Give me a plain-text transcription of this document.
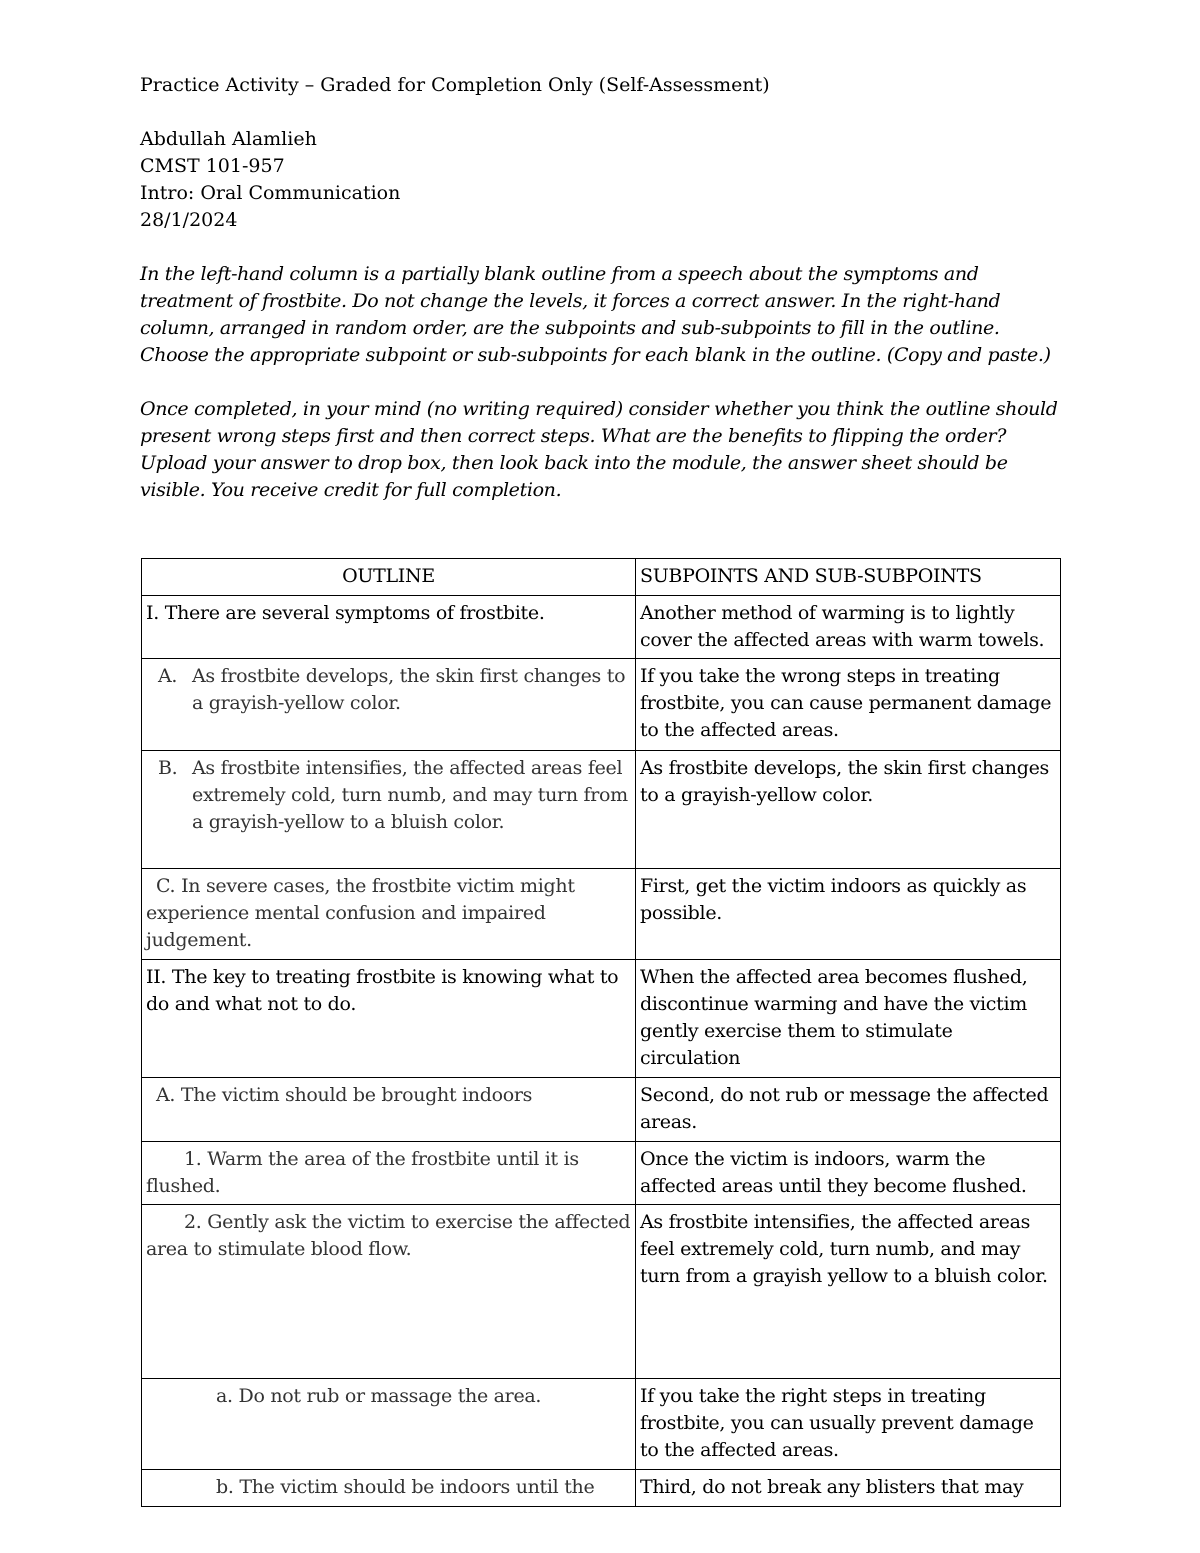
Practice Activity – Graded for Completion Only (Self-Assessment)

Abdullah Alamlieh

CMST 101-957

Intro: Oral Communication

28/1/2024

In the left-hand column is a partially blank outline from a speech about the symptoms and treatment of frostbite. Do not change the levels, it forces a correct answer. In the right-hand column, arranged in random order, are the subpoints and sub-subpoints to fill in the outline. Choose the appropriate subpoint or sub-subpoints for each blank in the outline. (Copy and paste.)

Once completed, in your mind (no writing required) consider whether you think the outline should present wrong steps first and then correct steps. What are the benefits to flipping the order? Upload your answer to drop box, then look back into the module, the answer sheet should be visible. You receive credit for full completion.

OUTLINE	SUBPOINTS AND SUB-SUBPOINTS
I. There are several symptoms of frostbite.	Another method of warming is to lightly cover the affected areas with warm towels.

A. As frostbite develops, the skin first changes to a grayish-yellow color.	If you take the wrong steps in treating frostbite, you can cause permanent damage to the affected areas.

B. As frostbite intensifies, the affected areas feel extremely cold, turn numb, and may turn from a grayish-yellow to a bluish color.	As frostbite develops, the skin first changes to a grayish-yellow color.
C. In severe cases, the frostbite victim might experience mental confusion and impaired judgement.	First, get the victim indoors as quickly as possible.
II. The key to treating frostbite is knowing what to do and what not to do.	When the affected area becomes flushed, discontinue warming and have the victim gently exercise them to stimulate circulation
A. The victim should be brought indoors	Second, do not rub or message the affected areas.
1. Warm the area of the frostbite until it is flushed.	Once the victim is indoors, warm the affected areas until they become flushed.
2. Gently ask the victim to exercise the affected area to stimulate blood flow.	As frostbite intensifies, the affected areas feel extremely cold, turn numb, and may turn from a grayish yellow to a bluish color.
a. Do not rub or massage the area.	If you take the right steps in treating frostbite, you can usually prevent damage to the affected areas.
b. The victim should be indoors until the	Third, do not break any blisters that may
